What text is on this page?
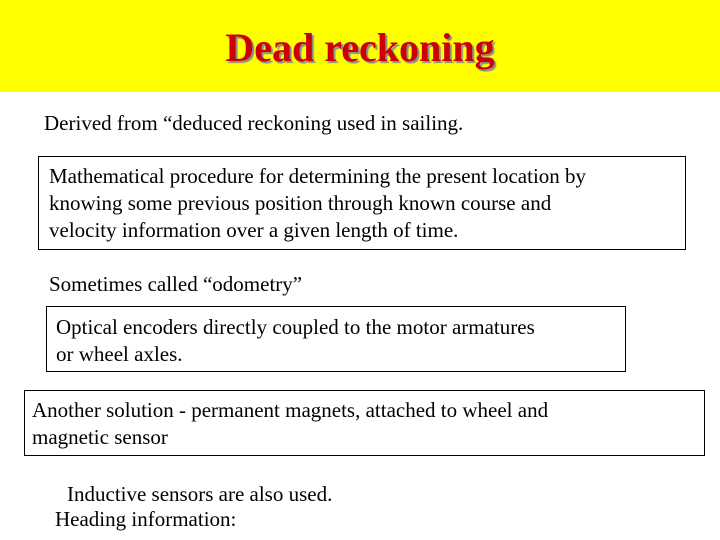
Dead reckoning
Derived from “deduced reckoning used in sailing.
Mathematical procedure for determining the present location by
knowing some previous position through known course and
velocity information over a given length of time.
Sometimes called “odometry”
Optical encoders directly coupled to the motor armatures
or wheel axles.
Another solution - permanent magnets, attached to wheel and
magnetic sensor
Inductive sensors are also used.
Heading information:
